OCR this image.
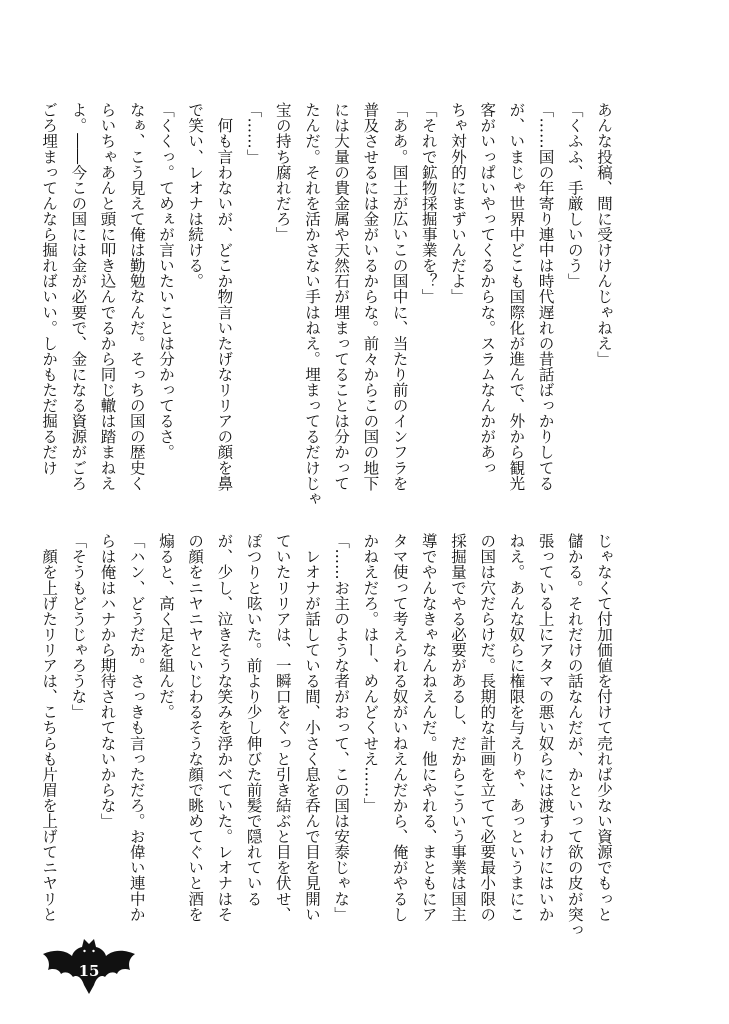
あんな投稿、間に受けけんじゃねえ」
「くふふ、手厳しいのう」
「……国の年寄り連中は時代遅れの昔話ばっかりしてる
が、いまじゃ世界中どこも国際化が進んで、外から観光
客がいっぱいやってくるからな。スラムなんかがあっ
ちゃ対外的にまずいんだよ」
「それで鉱物採掘事業を？」
「ああ。国土が広いこの国中に、当たり前のインフラを
普及させるには金がいるからな。前々からこの国の地下
には大量の貴金属や天然石が埋まってることは分かって
たんだ。それを活かさない手はねえ。埋まってるだけじゃ
宝の持ち腐れだろ」
「……」
　何も言わないが、どこか物言いたげなリリアの顔を鼻
で笑い、レオナは続ける。
「くくっ。てめぇが言いたいことは分かってるさ。
なぁ、こう見えて俺は勤勉なんだ。そっちの国の歴史く
らいちゃあんと頭に叩き込んでるから同じ轍は踏まねえ
よ。――今この国には金が必要で、金になる資源がごろ
ごろ埋まってんなら掘ればいい。しかもただ掘るだけ
じゃなくて付加価値を付けて売れば少ない資源でもっと
儲かる。それだけの話なんだが、かといって欲の皮が突っ
張っている上にアタマの悪い奴らには渡すわけにはいか
ねえ。あんな奴らに権限を与えりゃ、あっというまにこ
の国は穴だらけだ。長期的な計画を立てて必要最小限の
採掘量でやる必要があるし、だからこういう事業は国主
導でやんなきゃなんねえんだ。他にやれる、まともにア
タマ使って考えられる奴がいねえんだから、俺がやるし
かねえだろ。はー、めんどくせえ……」
「……お主のような者がおって、この国は安泰じゃな」
　レオナが話している間、小さく息を呑んで目を見開い
ていたリリアは、一瞬口をぐっと引き結ぶと目を伏せ、
ぽつりと呟いた。前より少し伸びた前髪で隠れている
が、少し、泣きそうな笑みを浮かべていた。レオナはそ
の顔をニヤニヤといじわるそうな顔で眺めてぐいと酒を
煽ると、高く足を組んだ。
「ハン、どうだか。さっきも言っただろ。お偉い連中か
らは俺はハナから期待されてないからな」
「そうもどうじゃろうな」
　顔を上げたリリアは、こちらも片眉を上げてニヤリと
15
